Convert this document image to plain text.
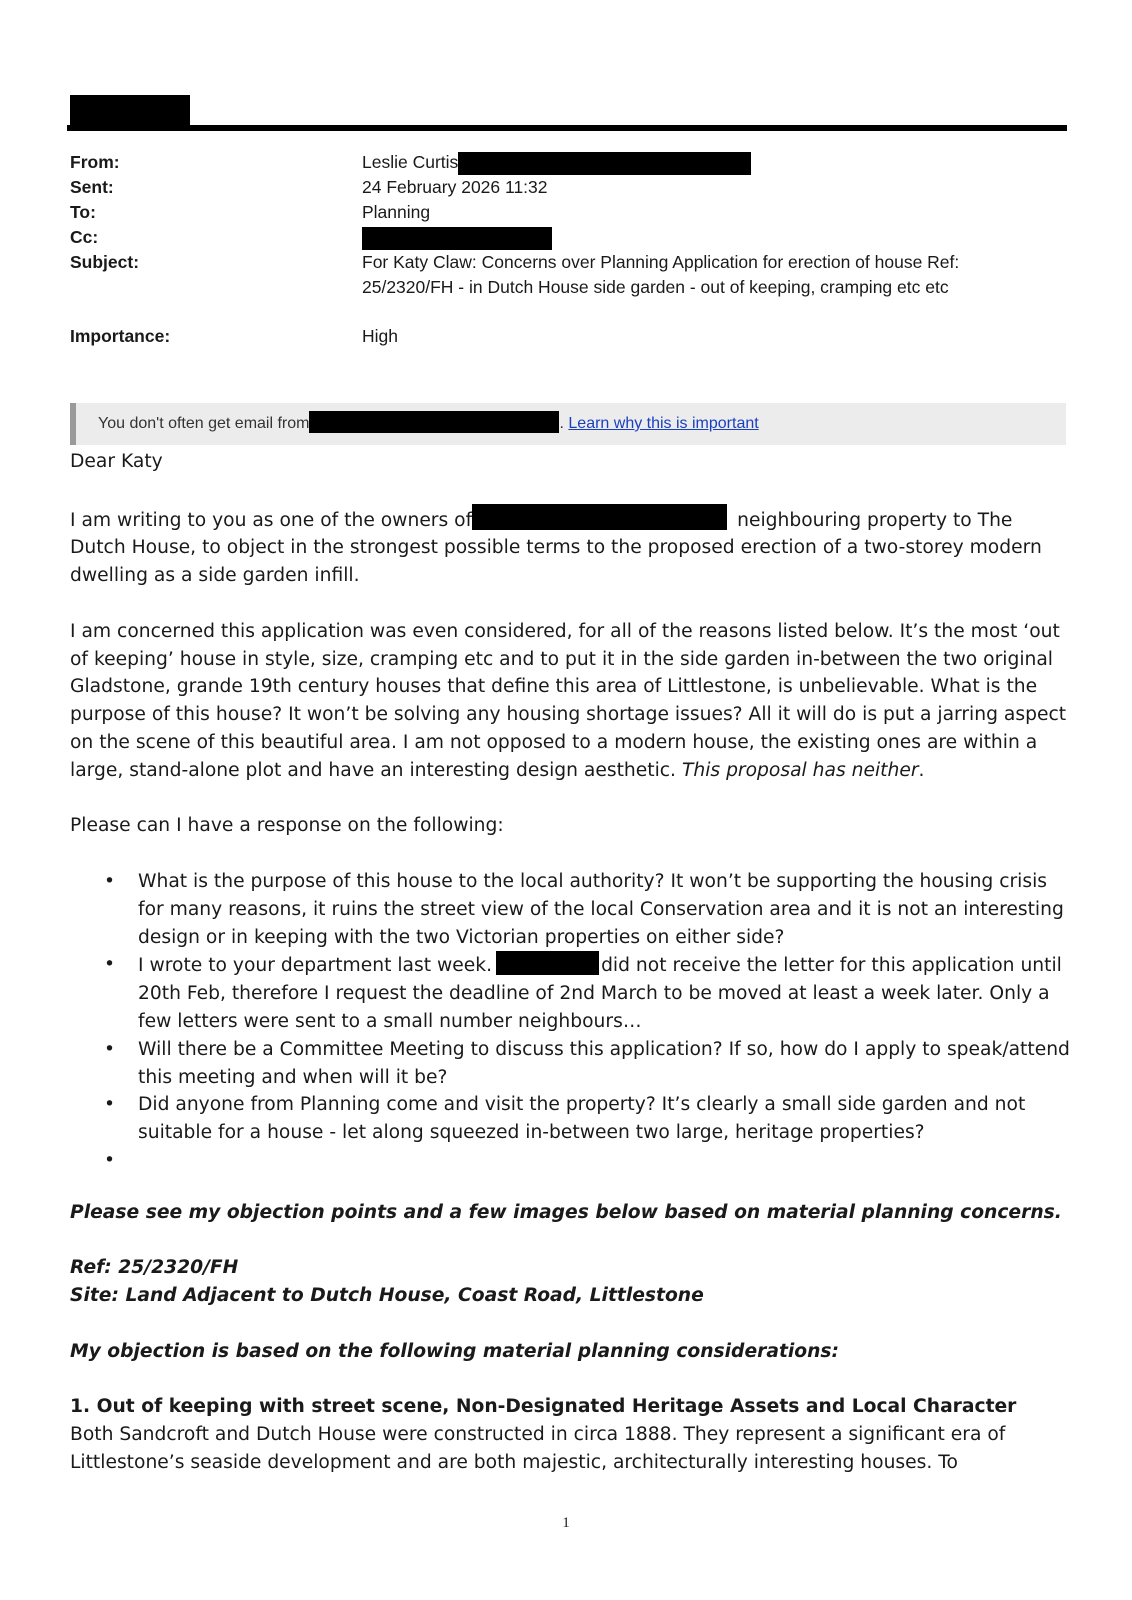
From:	Leslie Curtis
Sent:	24 February 2026 11:32
To:	Planning
Cc:
Subject:	For Katy Claw: Concerns over Planning Application for erection of house Ref: 25/2320/FH - in Dutch House side garden - out of keeping, cramping etc etc
Importance:	High
You don't often get email from	. Learn why this is important

Dear Katy

I am writing to you as one of the owners of	neighbouring property to The Dutch House, to object in the strongest possible terms to the proposed erection of a two-storey modern dwelling as a side garden infill.

I am concerned this application was even considered, for all of the reasons listed below. It’s the most ‘out of keeping’ house in style, size, cramping etc and to put it in the side garden in-between the two original Gladstone, grande 19th century houses that define this area of Littlestone, is unbelievable. What is the purpose of this house? It won’t be solving any housing shortage issues? All it will do is put a jarring aspect on the scene of this beautiful area. I am not opposed to a modern house, the existing ones are within a large, stand-alone plot and have an interesting design aesthetic. This proposal has neither.

Please can I have a response on the following:

• What is the purpose of this house to the local authority? It won’t be supporting the housing crisis for many reasons, it ruins the street view of the local Conservation area and it is not an interesting design or in keeping with the two Victorian properties on either side?
• I wrote to your department last week.	did not receive the letter for this application until 20th Feb, therefore I request the deadline of 2nd March to be moved at least a week later. Only a few letters were sent to a small number neighbours…
• Will there be a Committee Meeting to discuss this application? If so, how do I apply to speak/attend this meeting and when will it be?
• Did anyone from Planning come and visit the property? It’s clearly a small side garden and not suitable for a house - let along squeezed in-between two large, heritage properties?
•

Please see my objection points and a few images below based on material planning concerns.

Ref: 25/2320/FH

Site: Land Adjacent to Dutch House, Coast Road, Littlestone

My objection is based on the following material planning considerations:

1. Out of keeping with street scene, Non-Designated Heritage Assets and Local Character

Both Sandcroft and Dutch House were constructed in circa 1888. They represent a significant era of Littlestone’s seaside development and are both majestic, architecturally interesting houses. To

1
